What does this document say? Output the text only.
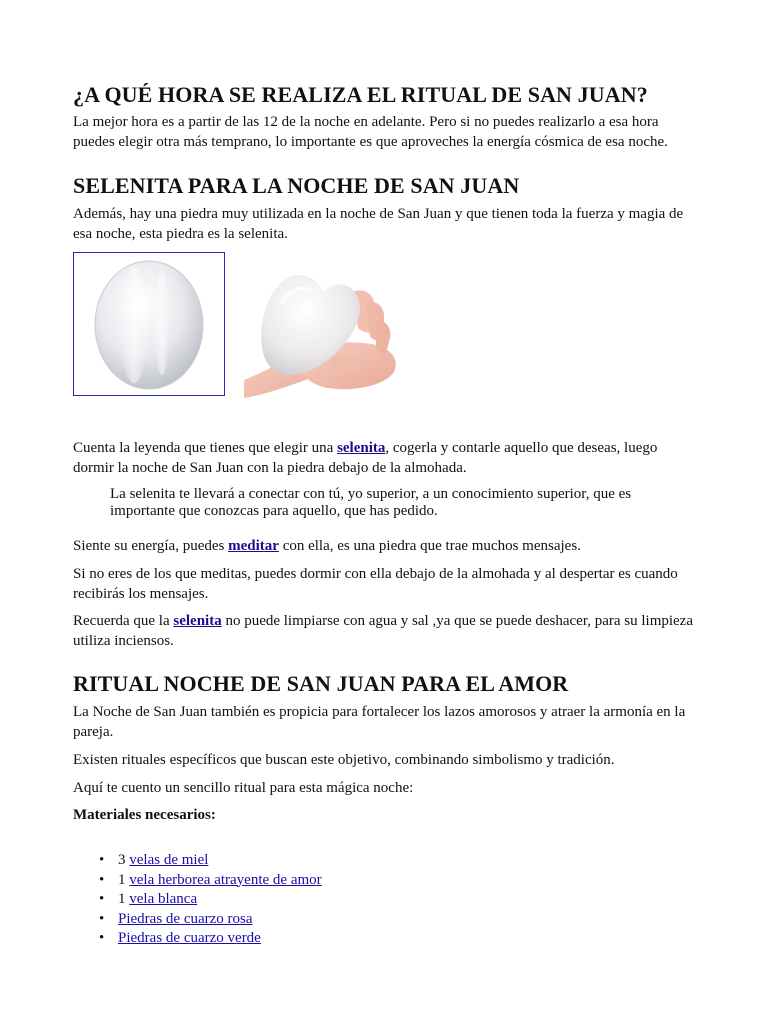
¿A QUÉ HORA SE REALIZA EL RITUAL DE SAN JUAN?

La mejor hora es a partir de las 12 de la noche en adelante. Pero si no puedes realizarlo a esa hora puedes elegir otra más temprano, lo importante es que aproveches la energía cósmica de esa noche.

SELENITA PARA LA NOCHE DE SAN JUAN

Además, hay una piedra muy utilizada en la noche de San Juan y que tienen toda la fuerza y magia de esa noche, esta piedra es la selenita.

Cuenta la leyenda que tienes que elegir una selenita, cogerla y contarle aquello que deseas, luego dormir la noche de San Juan con la piedra debajo de la almohada.

La selenita te llevará a conectar con tú, yo superior, a un conocimiento superior, que es importante que conozcas para aquello, que has pedido.

Siente su energía, puedes meditar con ella, es una piedra que trae muchos mensajes.

Si no eres de los que meditas, puedes dormir con ella debajo de la almohada y al despertar es cuando recibirás los mensajes.

Recuerda que la selenita no puede limpiarse con agua y sal ,ya que se puede deshacer, para su limpieza utiliza inciensos.

RITUAL NOCHE DE SAN JUAN PARA EL AMOR

La Noche de San Juan también es propicia para fortalecer los lazos amorosos y atraer la armonía en la pareja.

Existen rituales específicos que buscan este objetivo, combinando simbolismo y tradición.

Aquí te cuento un sencillo ritual para esta mágica noche:

Materiales necesarios:

• 3 velas de miel
• 1 vela herborea atrayente de amor
• 1 vela blanca
• Piedras de cuarzo rosa
• Piedras de cuarzo verde
